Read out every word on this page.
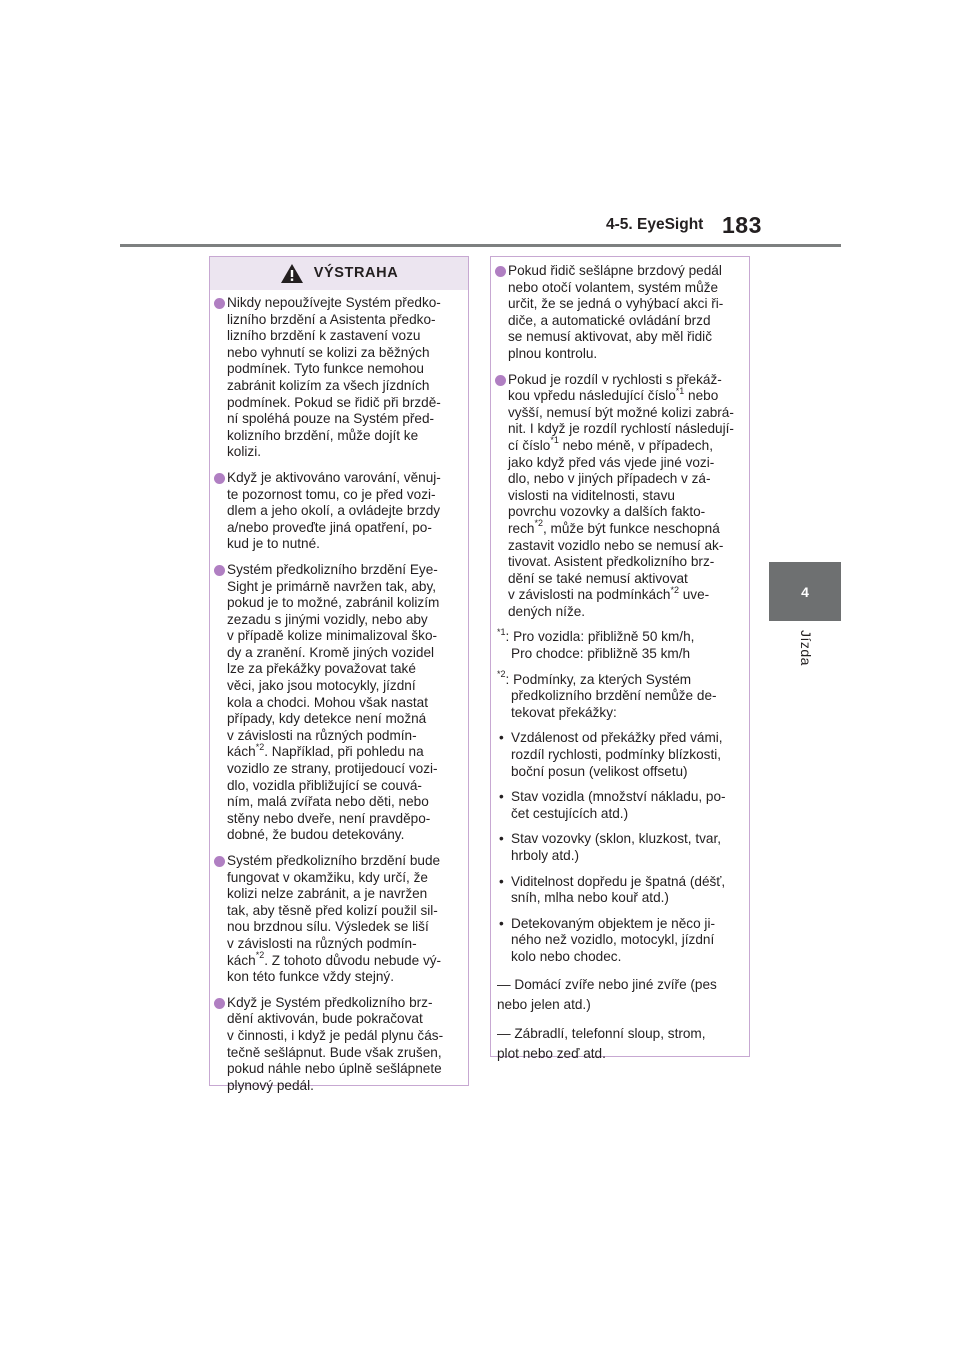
4-5. EyeSight 183
4
Jízda
VÝSTRAHA
Nikdy nepoužívejte Systém předko-
lizního brzdění a Asistenta předko-
lizního brzdění k zastavení vozu
nebo vyhnutí se kolizi za běžných
podmínek. Tyto funkce nemohou
zabránit kolizím za všech jízdních
podmínek. Pokud se řidič při brzdě-
ní spoléhá pouze na Systém před-
kolizního brzdění, může dojít ke
kolizi.
Když je aktivováno varování, věnuj-
te pozornost tomu, co je před vozi-
dlem a jeho okolí, a ovládejte brzdy
a/nebo proveďte jiná opatření, po-
kud je to nutné.
Systém předkolizního brzdění Eye-
Sight je primárně navržen tak, aby,
pokud je to možné, zabránil kolizím
zezadu s jinými vozidly, nebo aby
v případě kolize minimalizoval ško-
dy a zranění. Kromě jiných vozidel
lze za překážky považovat také
věci, jako jsou motocykly, jízdní
kola a chodci. Mohou však nastat
případy, kdy detekce není možná
v závislosti na různých podmín-
kách$^{*2}$. Například, při pohledu na
vozidlo ze strany, protijedoucí vozi-
dlo, vozidla přibližující se couvá-
ním, malá zvířata nebo děti, nebo
stěny nebo dveře, není pravděpo-
dobné, že budou detekovány.
Systém předkolizního brzdění bude
fungovat v okamžiku, kdy určí, že
kolizi nelze zabránit, a je navržen
tak, aby těsně před kolizí použil sil-
nou brzdnou sílu. Výsledek se liší
v závislosti na různých podmín-
kách$^{*2}$. Z tohoto důvodu nebude vý-
kon této funkce vždy stejný.
Když je Systém předkolizního brz-
dění aktivován, bude pokračovat
v činnosti, i když je pedál plynu čás-
tečně sešlápnut. Bude však zrušen,
pokud náhle nebo úplně sešlápnete
plynový pedál.
Pokud řidič sešlápne brzdový pedál
nebo otočí volantem, systém může
určit, že se jedná o vyhýbací akci ři-
diče, a automatické ovládání brzd
se nemusí aktivovat, aby měl řidič
plnou kontrolu.
Pokud je rozdíl v rychlosti s překáž-
kou vpředu následující číslo$^{*1}$ nebo
vyšší, nemusí být možné kolizi zabrá-
nit. I když je rozdíl rychlostí následují-
cí číslo$^{*1}$ nebo méně, v případech,
jako když před vás vjede jiné vozi-
dlo, nebo v jiných případech v zá-
vislosti na viditelnosti, stavu
povrchu vozovky a dalších fakto-
rech$^{*2}$, může být funkce neschopná
zastavit vozidlo nebo se nemusí ak-
tivovat. Asistent předkolizního brz-
dění se také nemusí aktivovat
v závislosti na podmínkách$^{*2}$ uve-
dených níže.
$^{*1}$: Pro vozidla: přibližně 50 km/h,
Pro chodce: přibližně 35 km/h
$^{*2}$: Podmínky, za kterých Systém
předkolizního brzdění nemůže de-
tekovat překážky:
• Vzdálenost od překážky před vámi,
rozdíl rychlosti, podmínky blízkosti,
boční posun (velikost offsetu)
• Stav vozidla (množství nákladu, po-
čet cestujících atd.)
• Stav vozovky (sklon, kluzkost, tvar,
hrboly atd.)
• Viditelnost dopředu je špatná (déšť,
sníh, mlha nebo kouř atd.)
• Detekovaným objektem je něco ji-
ného než vozidlo, motocykl, jízdní
kolo nebo chodec.
— Domácí zvíře nebo jiné zvíře (pes
nebo jelen atd.)
— Zábradlí, telefonní sloup, strom,
plot nebo zeď atd.
